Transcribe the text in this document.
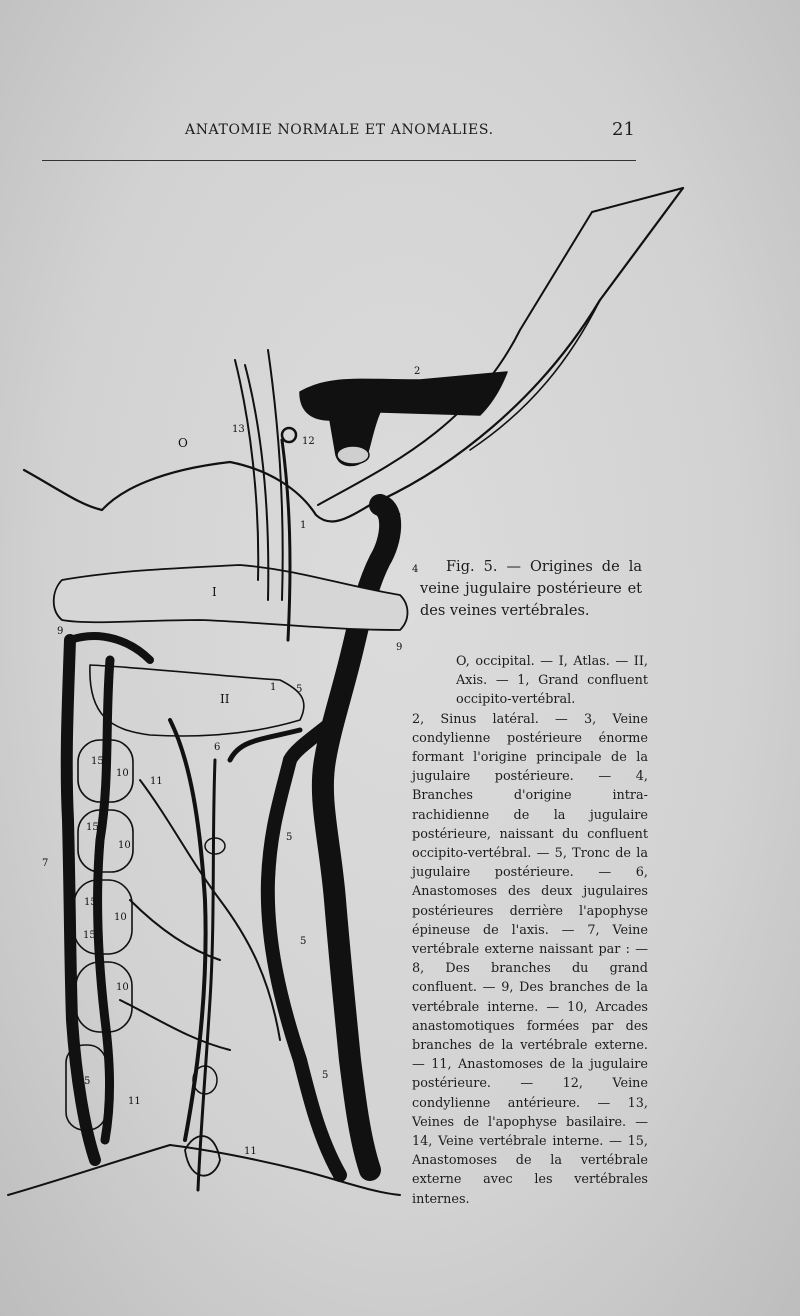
ANATOMIE NORMALE ET ANOMALIES.	21
O
I
II
2
3
3
13
12
1
4
9
9
1 5
8
6
15
10
11
15
10
5
7
15
10
15
5
10
5
5
11
11
Fig. 5. — Origines de la veine jugulaire postérieure et des veines vertébrales.
O, occipital. — I, Atlas. — II, Axis. — 1, Grand confluent occipito-vertébral.
2, Sinus latéral. — 3, Veine condylienne postérieure énorme formant l'origine principale de la jugulaire postérieure. — 4, Branches d'origine intra-rachidienne de la jugulaire postérieure, naissant du confluent occipito-vertébral. — 5, Tronc de la jugulaire postérieure. — 6, Anastomoses des deux jugulaires postérieures derrière l'apophyse épineuse de l'axis. — 7, Veine vertébrale externe naissant par : — 8, Des branches du grand confluent. — 9, Des branches de la vertébrale interne. — 10, Arcades anastomotiques formées par des branches de la vertébrale externe. — 11, Anastomoses de la jugulaire postérieure. — 12, Veine condylienne antérieure. — 13, Veines de l'apophyse basilaire. — 14, Veine vertébrale interne. — 15, Anastomoses de la vertébrale externe avec les vertébrales internes.
